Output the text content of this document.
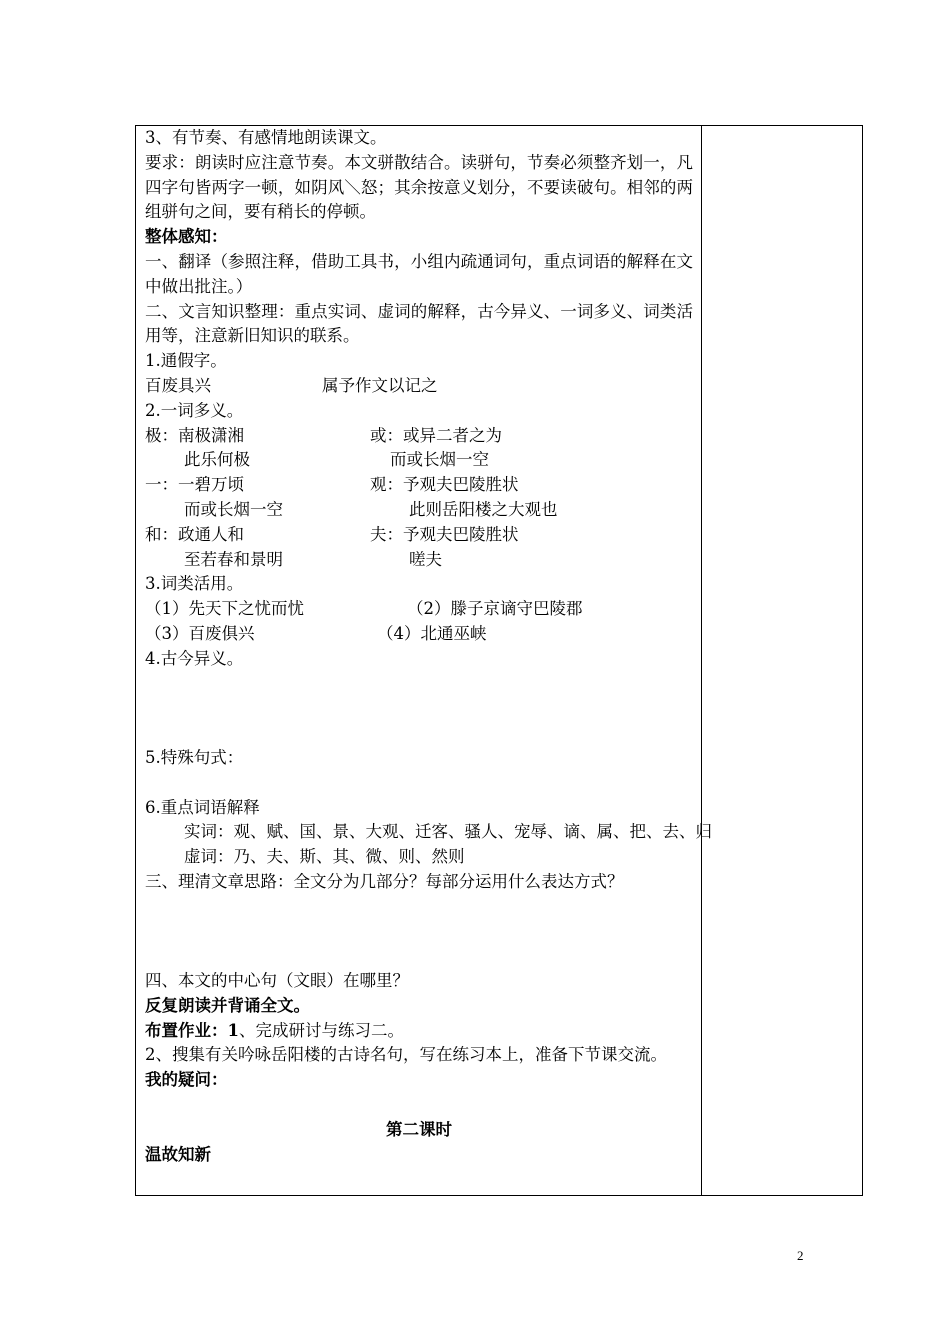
3、有节奏、有感情地朗读课文。
要求：朗读时应注意节奏。本文骈散结合。读骈句，节奏必须整齐划一，凡四字句皆两字一顿，如阴风＼怒；其余按意义划分，不要读破句。相邻的两组骈句之间，要有稍长的停顿。
整体感知：
一、翻译（参照注释，借助工具书，小组内疏通词句，重点词语的解释在文中做出批注。）
二、文言知识整理：重点实词、虚词的解释，古今异义、一词多义、词类活用等，注意新旧知识的联系。
1.通假字。
百废具兴	属予作文以记之
2.一词多义。
极：南极潇湘	或：或异二者之为
此乐何极	而或长烟一空
一：一碧万顷	观：予观夫巴陵胜状
而或长烟一空	此则岳阳楼之大观也
和：政通人和	夫：予观夫巴陵胜状
至若春和景明	嗟夫
3.词类活用。
（1）先天下之忧而忧	（2）滕子京谪守巴陵郡
（3）百废俱兴	（4）北通巫峡
4.古今异义。
5.特殊句式：
6.重点词语解释
实词：观、赋、国、景、大观、迁客、骚人、宠辱、谪、属、把、去、归
虚词：乃、夫、斯、其、微、则、然则
三、理清文章思路：全文分为几部分？每部分运用什么表达方式？
四、本文的中心句（文眼）在哪里？
反复朗读并背诵全文。
布置作业：1、完成研讨与练习二。
2、搜集有关吟咏岳阳楼的古诗名句，写在练习本上，准备下节课交流。
我的疑问：
第二课时
温故知新

2
